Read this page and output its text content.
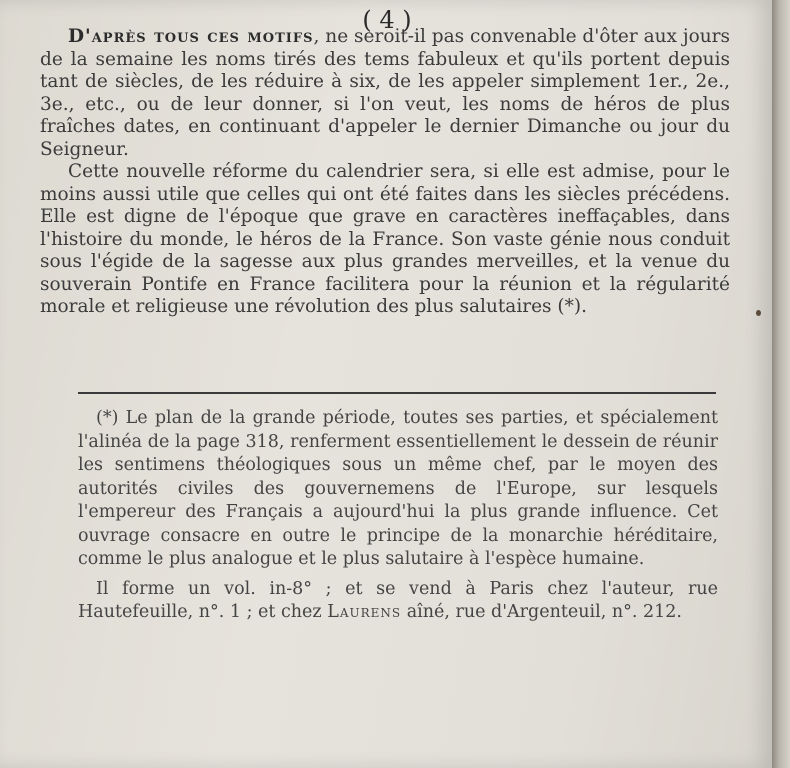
( 4 )

D'après tous ces motifs, ne seroit-il pas convenable d'ôter aux jours de la semaine les noms tirés des tems fabuleux et qu'ils portent depuis tant de siècles, de les réduire à six, de les appeler simplement 1er., 2e., 3e., etc., ou de leur donner, si l'on veut, les noms de héros de plus fraîches dates, en continuant d'appeler le dernier Dimanche ou jour du Seigneur.

Cette nouvelle réforme du calendrier sera, si elle est admise, pour le moins aussi utile que celles qui ont été faites dans les siècles précédens. Elle est digne de l'époque que grave en caractères ineffaçables, dans l'histoire du monde, le héros de la France. Son vaste génie nous conduit sous l'égide de la sagesse aux plus grandes merveilles, et la venue du souverain Pontife en France facilitera pour la réunion et la régularité morale et religieuse une révolution des plus salutaires (*).

(*) Le plan de la grande période, toutes ses parties, et spécialement l'alinéa de la page 318, renferment essentiellement le dessein de réunir les sentimens théologiques sous un même chef, par le moyen des autorités civiles des gouvernemens de l'Europe, sur lesquels l'empereur des Français a aujourd'hui la plus grande influence. Cet ouvrage consacre en outre le principe de la monarchie héréditaire, comme le plus analogue et le plus salutaire à l'espèce humaine.

Il forme un vol. in-8° ; et se vend à Paris chez l'auteur, rue Hautefeuille, n°. 1 ; et chez Laurens aîné, rue d'Argenteuil, n°. 212.
